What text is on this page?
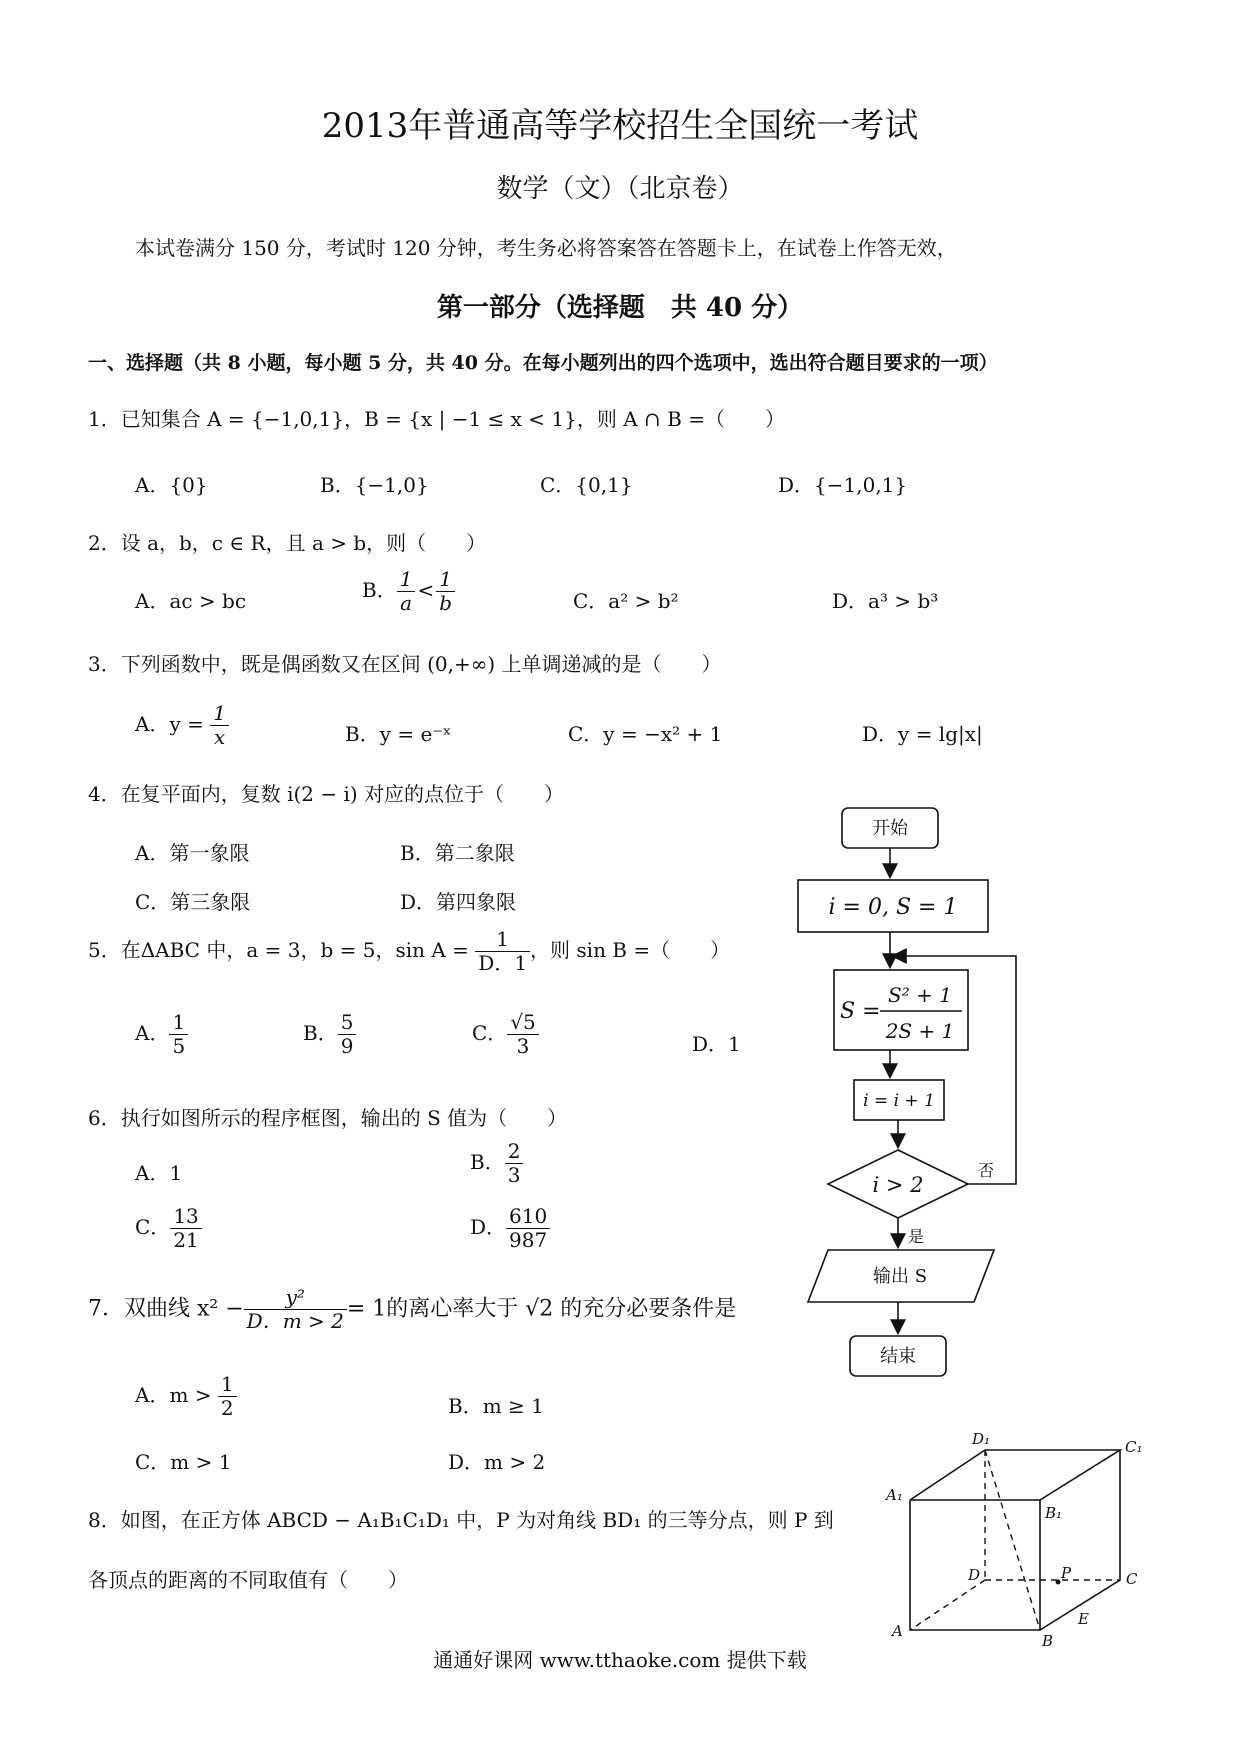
2013年普通高等学校招生全国统一考试
数学（文）（北京卷）
本试卷满分 150 分，考试时 120 分钟，考生务必将答案答在答题卡上，在试卷上作答无效，
第一部分（选择题　共 40 分）
一、选择题（共 8 小题，每小题 5 分，共 40 分。在每小题列出的四个选项中，选出符合题目要求的一项）
1．已知集合 A = {−1,0,1}，B = {x | −1 ≤ x < 1}，则 A ∩ B =（　　）
A．{0}	B．{−1,0}	C．{0,1}	D．{−1,0,1}
2．设 a，b，c ∈ R，且 a > b，则（　　）
A．ac > bc	B． $\frac{1}{a} < \frac{1}{b}$	C．a² > b²	D．a³ > b³
3．下列函数中，既是偶函数又在区间 (0,+∞) 上单调递减的是（　　）
A．$y = \frac{1}{x}$	B．y = e⁻ˣ	C．y = −x² + 1	D．y = lg|x|
4．在复平面内，复数 i(2 − i) 对应的点位于（　　）
A．第一象限	B．第二象限
C．第三象限	D．第四象限
5．在ΔABC 中，a = 3，b = 5，$\sin A = \frac{1}{D.1}$ ，则 sin B =（　　）
A． $\frac{1}{5}$	B． $\frac{5}{9}$	C． $\frac{√5}{3}$	D．1
6．执行如图所示的程序框图，输出的 S 值为（　　）
A．1	B． $\frac{2}{3}$
C． $\frac{13}{21}$	D． $\frac{610}{987}$
7．双曲线 $x^2 - \frac{\text{y²}}{D.m > 2} = 1$的离心率大于 √2 的充分必要条件是
A．$m > \frac{1}{2}$	B．m ≥ 1
C．m > 1	D．m > 2
8．如图，在正方体 ABCD − A₁B₁C₁D₁ 中，P 为对角线 BD₁ 的三等分点，则 P 到
各顶点的距离的不同取值有（　　）
开始
i = 0, S = 1
S =
S² + 1
2S + 1
i = i + 1
i > 2
否
是
输出 S
结束
D₁	C₁
A₁
B₁
P
D	C
A
B
E
通通好课网 www.tthaoke.com 提供下载
